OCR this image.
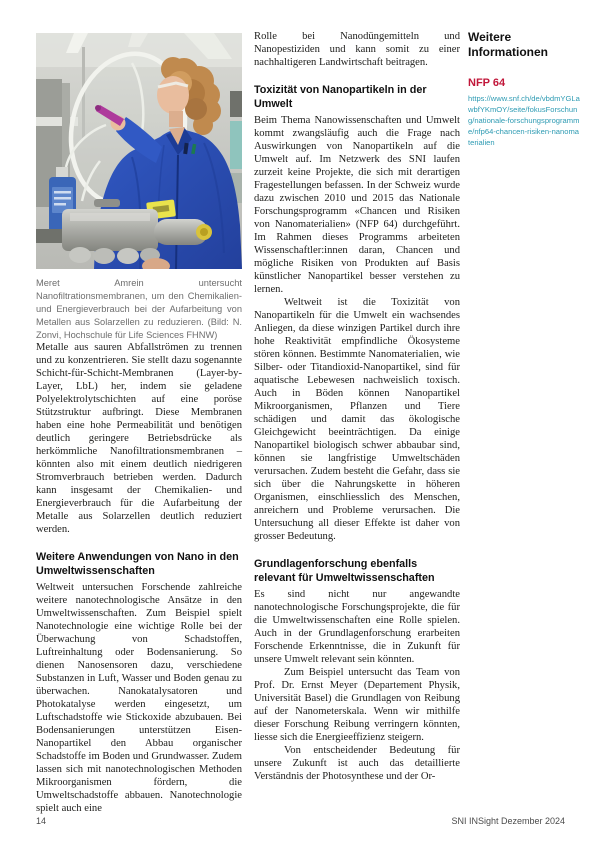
Meret Amrein untersucht Nanofiltrationsmembranen, um den Chemikalien- und Energieverbrauch bei der Aufarbeitung von Metallen aus Solarzellen zu reduzieren. (Bild: N. Zonvi, Hochschule für Life Sciences FHNW)

Metalle aus sauren Abfallströmen zu trennen und zu konzentrieren. Sie stellt dazu sogenannte Schicht-für-Schicht-Membranen (Layer-by-Layer, LbL) her, indem sie geladene Polyelektrolytschichten auf eine poröse Stützstruktur aufbringt. Diese Membranen haben eine hohe Permeabilität und benötigen deutlich geringere Betriebsdrücke als herkömmliche Nanofiltrationsmembranen – könnten also mit einem deutlich niedrigeren Stromverbrauch betrieben werden. Dadurch kann insgesamt der Chemikalien- und Energieverbrauch für die Aufarbeitung der Metalle aus Solarzellen deutlich reduziert werden.

Weitere Anwendungen von Nano in den Umweltwissenschaften

Weltweit untersuchen Forschende zahlreiche weitere nanotechnologische Ansätze in den Umweltwissenschaften. Zum Beispiel spielt Nanotechnologie eine wichtige Rolle bei der Überwachung von Schadstoffen, Luftreinhaltung oder Bodensanierung. So dienen Nanosensoren dazu, verschiedene Substanzen in Luft, Wasser und Boden genau zu überwachen. Nanokatalysatoren und Photokatalyse werden eingesetzt, um Luftschadstoffe wie Stickoxide abzubauen. Bei Bodensanierungen unterstützen Eisen-Nanopartikel den Abbau organischer Schadstoffe im Boden und Grundwasser. Zudem lassen sich mit nanotechnologischen Methoden Mikroorganismen fördern, die Umweltschadstoffe abbauen. Nanotechnologie spielt auch eine

Rolle bei Nanodüngemitteln und Nanopestiziden und kann somit zu einer nachhaltigeren Landwirtschaft beitragen.

Toxizität von Nanopartikeln in der Umwelt

Beim Thema Nanowissenschaften und Umwelt kommt zwangsläufig auch die Frage nach Auswirkungen von Nanopartikeln auf die Umwelt auf. Im Netzwerk des SNI laufen zurzeit keine Projekte, die sich mit derartigen Fragestellungen befassen. In der Schweiz wurde dazu zwischen 2010 und 2015 das Nationale Forschungsprogramm «Chancen und Risiken von Nanomaterialien» (NFP 64) durchgeführt. Im Rahmen dieses Programms arbeiteten Wissenschaftler:innen daran, Chancen und mögliche Risiken von Produkten auf Basis künstlicher Nanopartikel besser verstehen zu lernen.

Weltweit ist die Toxizität von Nanopartikeln für die Umwelt ein wachsendes Anliegen, da diese winzigen Partikel durch ihre hohe Reaktivität empfindliche Ökosysteme stören können. Bestimmte Nanomaterialien, wie Silber- oder Titandioxid-Nanopartikel, sind für aquatische Lebewesen nachweislich toxisch. Auch in Böden können Nanopartikel Mikroorganismen, Pflanzen und Tiere schädigen und damit das ökologische Gleichgewicht beeinträchtigen. Da einige Nanopartikel biologisch schwer abbaubar sind, können sie langfristige Umweltschäden verursachen. Zudem besteht die Gefahr, dass sie sich über die Nahrungskette in höheren Organismen, einschliesslich des Menschen, anreichern und Probleme verursachen. Die Untersuchung all dieser Effekte ist daher von grosser Bedeutung.

Grundlagenforschung ebenfalls relevant für Umweltwissenschaften

Es sind nicht nur angewandte nanotechnologische Forschungsprojekte, die für die Umweltwissenschaften eine Rolle spielen. Auch in der Grundlagenforschung erarbeiten Forschende Erkenntnisse, die in Zukunft für unsere Umwelt relevant sein könnten.

Zum Beispiel untersucht das Team von Prof. Dr. Ernst Meyer (Departement Physik, Universität Basel) die Grundlagen von Reibung auf der Nanometerskala. Wenn wir mithilfe dieser Forschung Reibung verringern könnten, liesse sich die Energieeffizienz steigern.

Von entscheidender Bedeutung für unsere Zukunft ist auch das detaillierte Verständnis der Photosynthese und der Or-

Weitere Informationen
NFP 64
https://www.snf.ch/de/vbdmYGLawbfYKmOY/seite/fokusForschung/nationale-forschungsprogramme/nfp64-chancen-risiken-nanomaterialien
14	SNI INSight Dezember 2024
